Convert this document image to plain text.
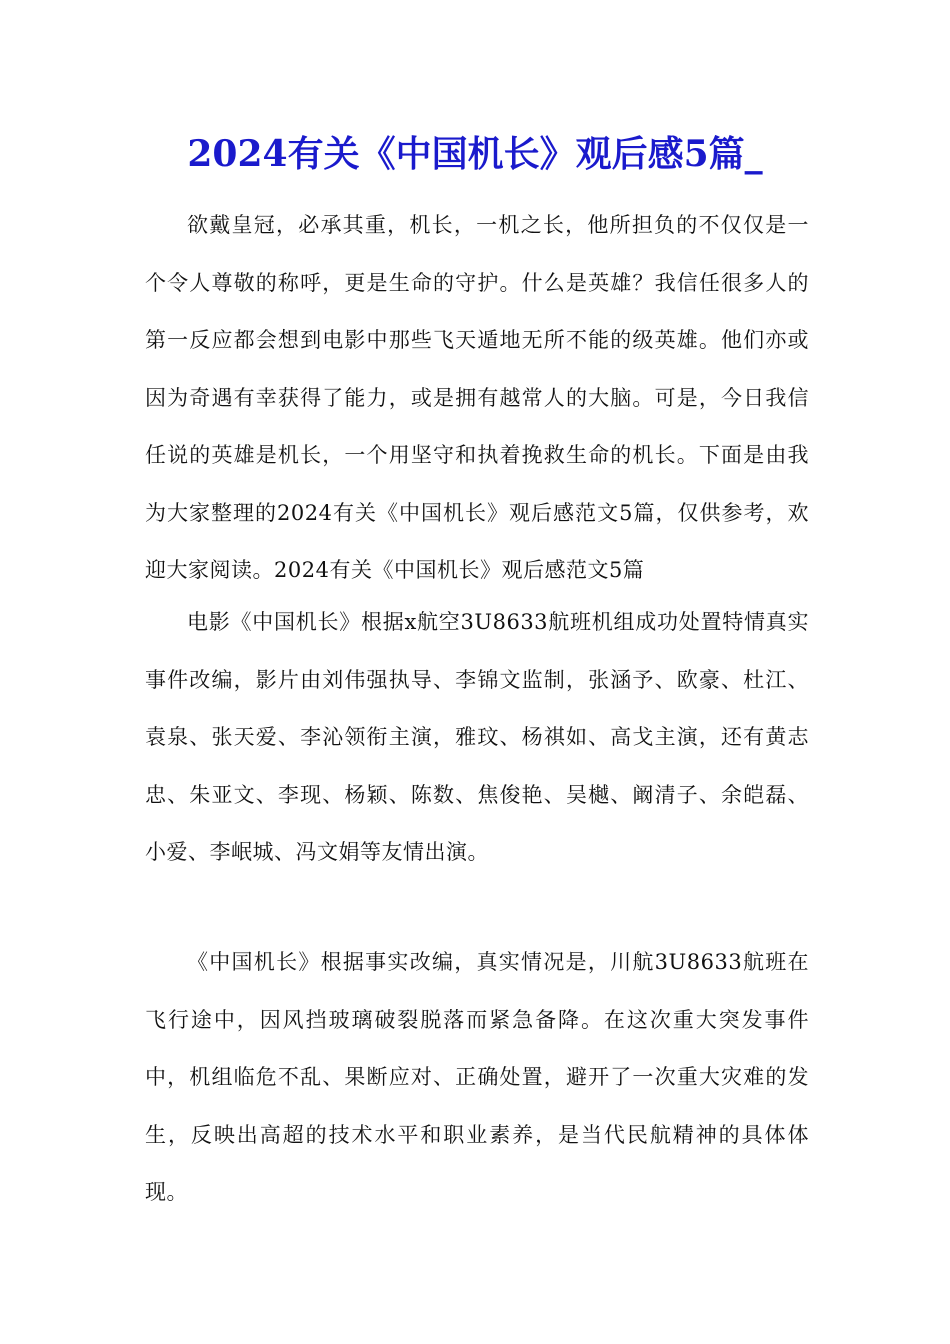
2024有关《中国机长》观后感5篇_

欲戴皇冠，必承其重，机长，一机之长，他所担负的不仅仅是一个令人尊敬的称呼，更是生命的守护。什么是英雄？我信任很多人的第一反应都会想到电影中那些飞天遁地无所不能的级英雄。他们亦或因为奇遇有幸获得了能力，或是拥有越常人的大脑。可是，今日我信任说的英雄是机长，一个用坚守和执着挽救生命的机长。下面是由我为大家整理的2024有关《中国机长》观后感范文5篇，仅供参考，欢迎大家阅读。2024有关《中国机长》观后感范文5篇

电影《中国机长》根据x航空3U8633航班机组成功处置特情真实事件改编，影片由刘伟强执导、李锦文监制，张涵予、欧豪、杜江、袁泉、张天爱、李沁领衔主演，雅玟、杨祺如、高戈主演，还有黄志忠、朱亚文、李现、杨颖、陈数、焦俊艳、吴樾、阚清子、余皑磊、小爱、李岷城、冯文娟等友情出演。

《中国机长》根据事实改编，真实情况是，川航3U8633航班在飞行途中，因风挡玻璃破裂脱落而紧急备降。在这次重大突发事件中，机组临危不乱、果断应对、正确处置，避开了一次重大灾难的发生，反映出高超的技术水平和职业素养，是当代民航精神的具体体现。
